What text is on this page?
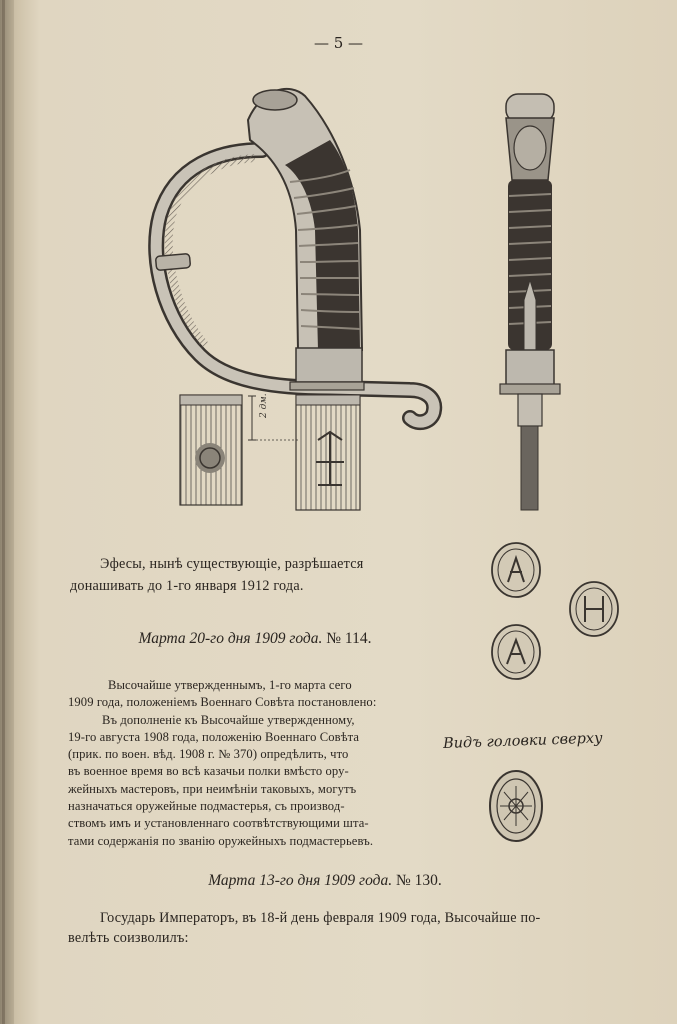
— 5 —
2 дм.
Эфесы, нынѣ существующіе, разрѣшается
донашивать до 1-го января 1912 года.
Марта 20-го дня 1909 года. № 114.
Высочайше утвержденнымъ, 1-го марта сего
1909 года, положеніемъ Военнаго Совѣта постановлено:
Въ дополненіе къ Высочайше утвержденному,
19-го августа 1908 года, положенію Военнаго Совѣта
(прик. по воен. вѣд. 1908 г. № 370) опредѣлить, что
въ военное время во всѣ казачьи полки вмѣсто ору-
жейныхъ мастеровъ, при неимѣніи таковыхъ, могутъ
назначаться оружейные подмастерья, съ производ-
ствомъ имъ и установленнаго соотвѣтствующими шта-
тами содержанія по званію оружейныхъ подмастерьевъ.
Видъ головки сверху
Марта 13-го дня 1909 года. № 130.
Государь Императоръ, въ 18-й день февраля 1909 года, Высочайше по-
велѣть соизволилъ:
